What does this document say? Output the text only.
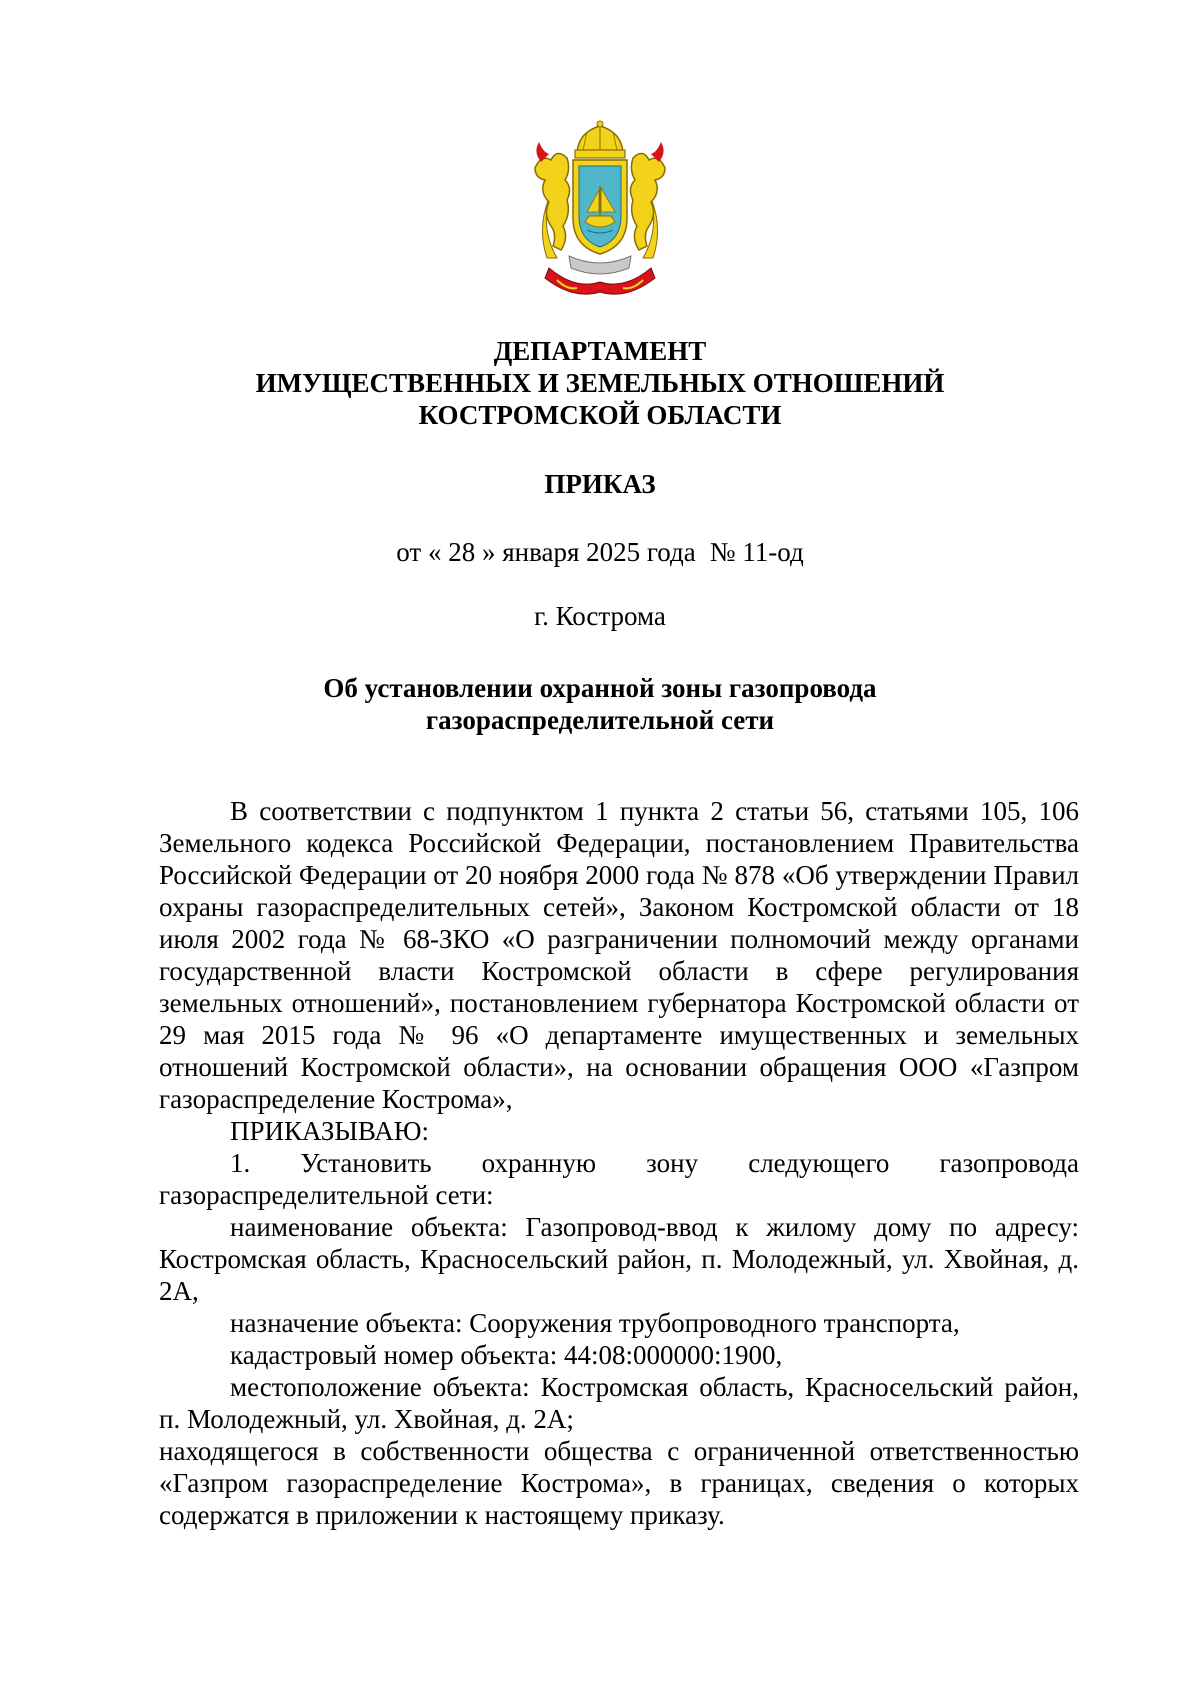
ДЕПАРТАМЕНТ
ИМУЩЕСТВЕННЫХ И ЗЕМЕЛЬНЫХ ОТНОШЕНИЙ
КОСТРОМСКОЙ ОБЛАСТИ
ПРИКАЗ
от « 28 » января 2025 года № 11-од
г. Кострома
Об установлении охранной зоны газопровода
газораспределительной сети

В соответствии с подпунктом 1 пункта 2 статьи 56, статьями 105, 106 Земельного кодекса Российской Федерации, постановлением Правительства Российской Федерации от 20 ноября 2000 года № 878 «Об утверждении Правил охраны газораспределительных сетей», Законом Костромской области от 18 июля 2002 года № 68-ЗКО «О разграничении полномочий между органами государственной власти Костромской области в сфере регулирования земельных отношений», постановлением губернатора Костромской области от 29 мая 2015 года № 96 «О департаменте имущественных и земельных отношений Костромской области», на основании обращения ООО «Газпром газораспределение Кострома»,

ПРИКАЗЫВАЮ:

1. Установить охранную зону следующего газопровода газораспределительной сети:

наименование объекта: Газопровод-ввод к жилому дому по адресу: Костромская область, Красносельский район, п. Молодежный, ул. Хвойная, д. 2А,

назначение объекта: Сооружения трубопроводного транспорта,

кадастровый номер объекта: 44:08:000000:1900,

местоположение объекта: Костромская область, Красносельский район, п. Молодежный, ул. Хвойная, д. 2А;

находящегося в собственности общества с ограниченной ответственностью «Газпром газораспределение Кострома», в границах, сведения о которых содержатся в приложении к настоящему приказу.
